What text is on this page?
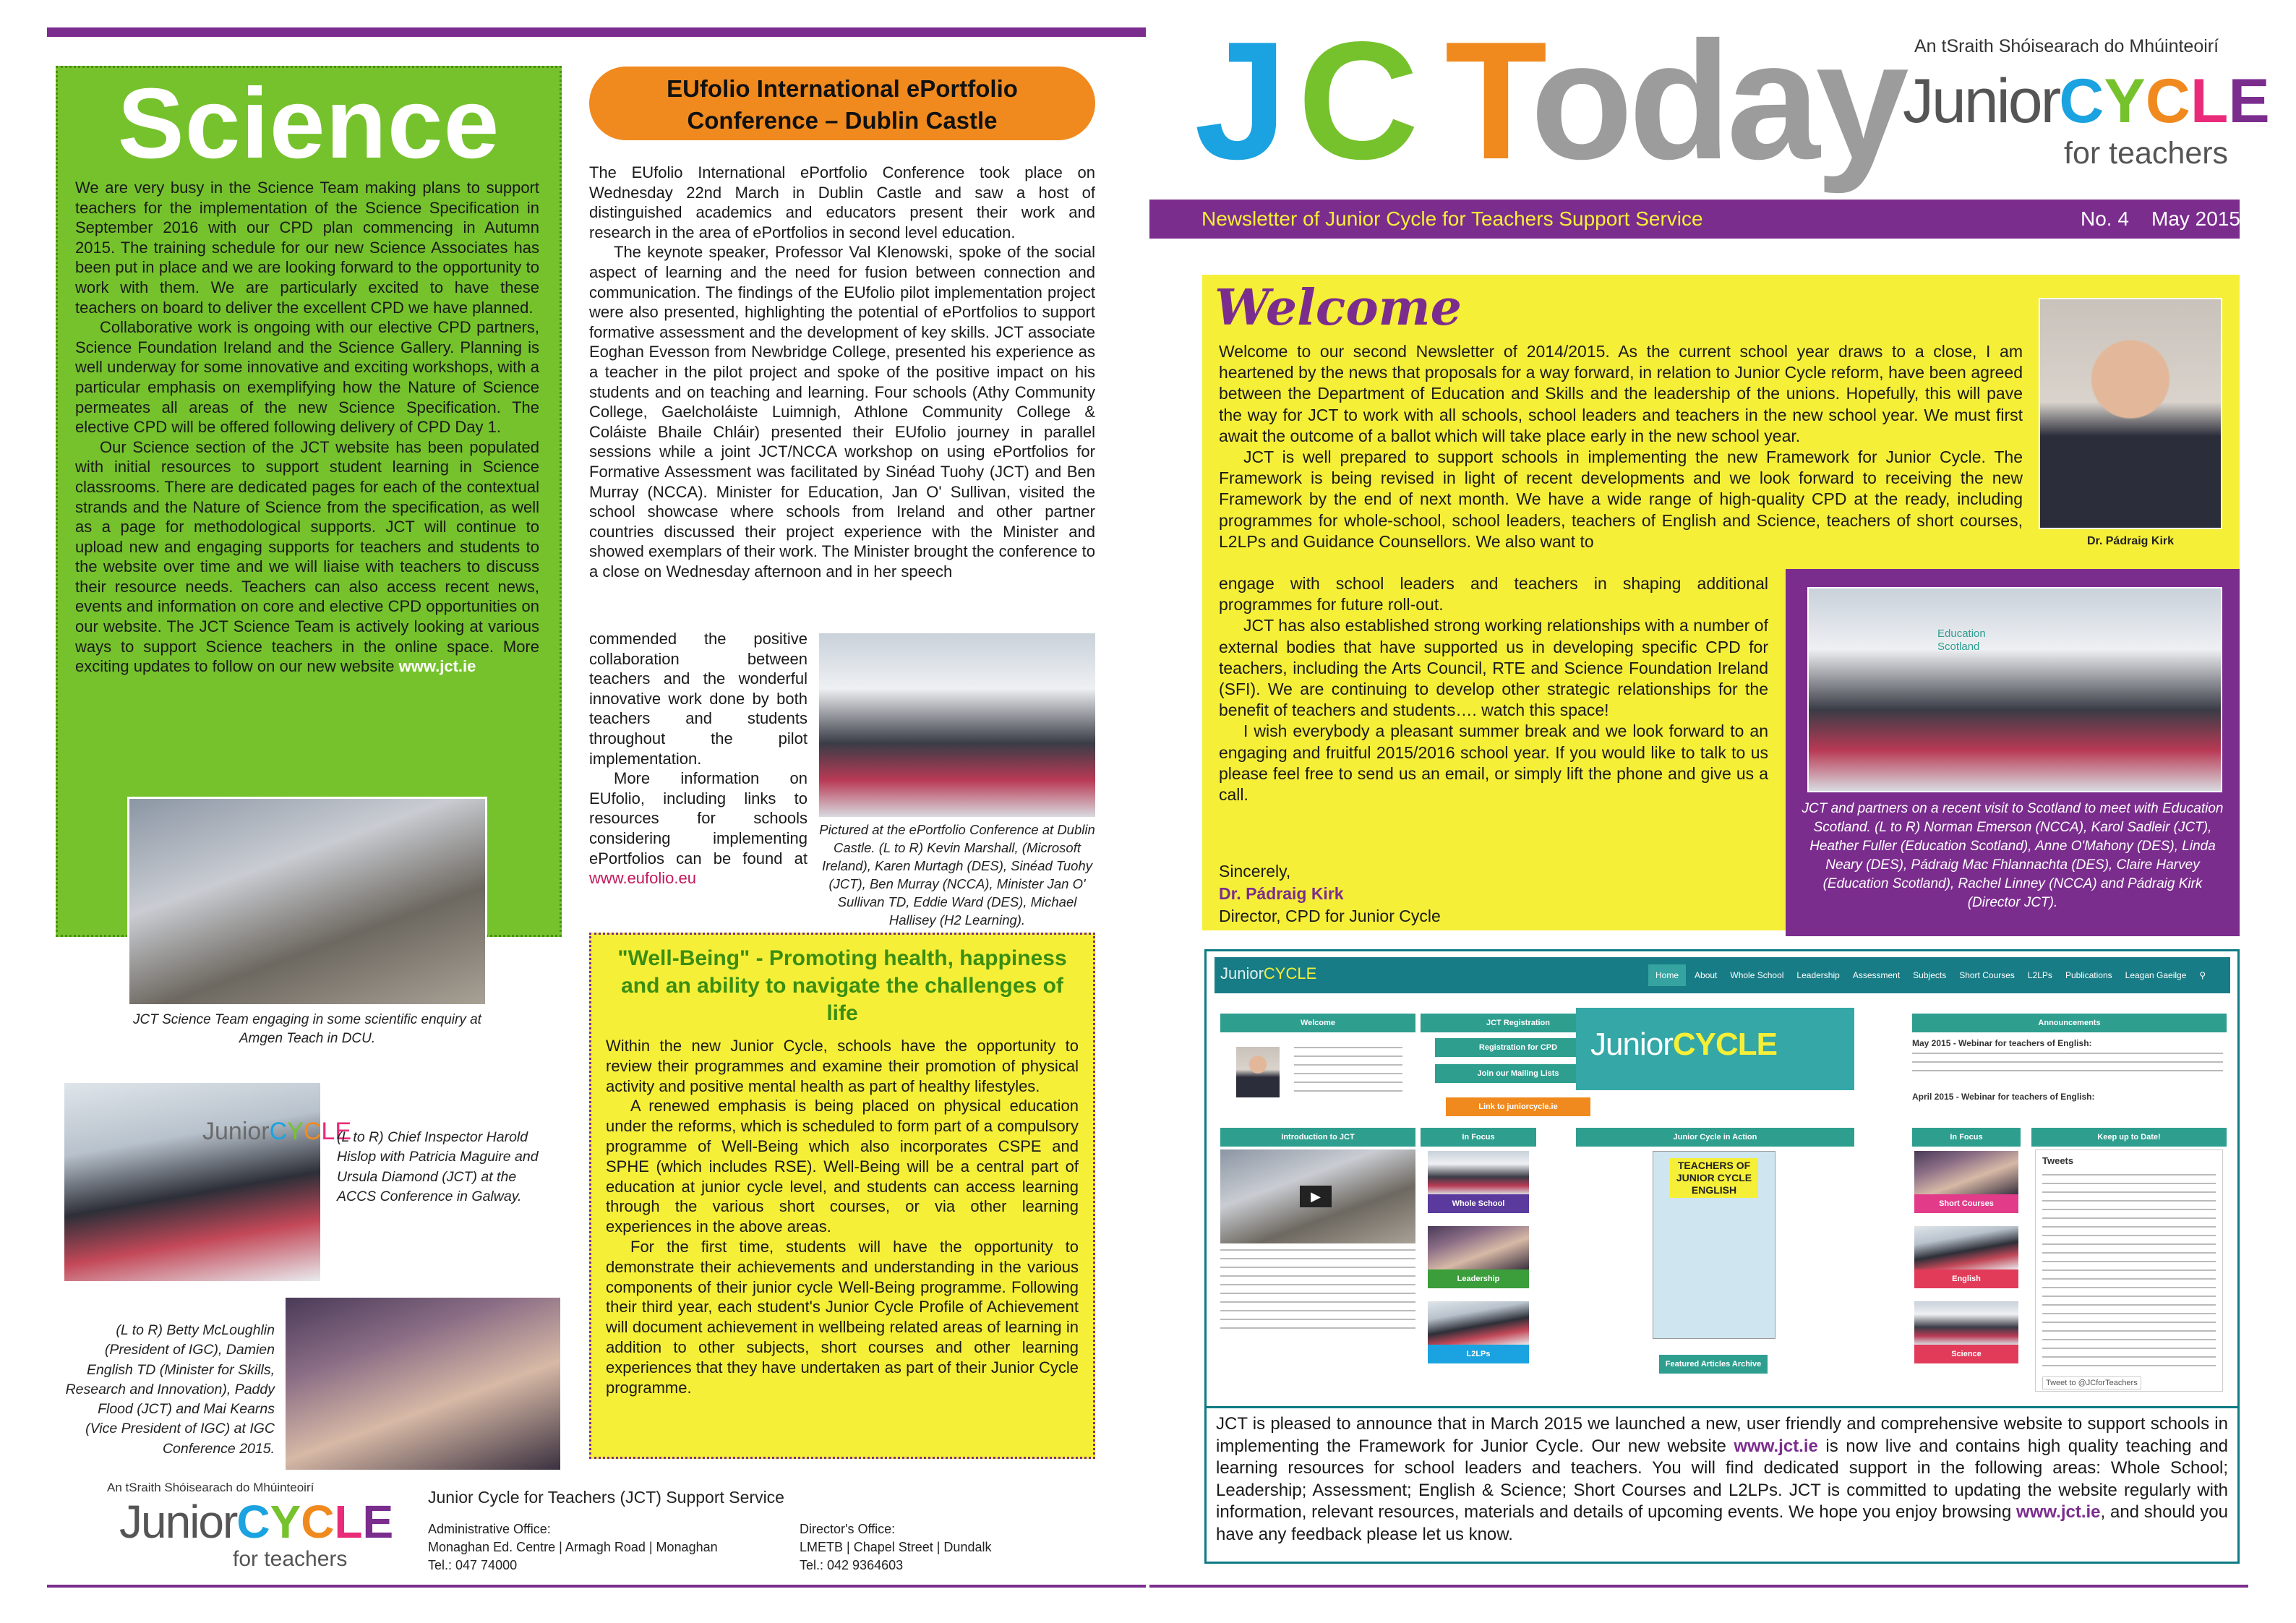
Science

We are very busy in the Science Team making plans to support teachers for the implementation of the Science Specification in September 2016 with our CPD plan commencing in Autumn 2015. The training schedule for our new Science Associates has been put in place and we are looking forward to the opportunity to work with them. We are particularly excited to have these teachers on board to deliver the excellent CPD we have planned.

Collaborative work is ongoing with our elective CPD partners, Science Foundation Ireland and the Science Gallery. Planning is well underway for some innovative and exciting workshops, with a particular emphasis on exemplifying how the Nature of Science permeates all areas of the new Science Specification. The elective CPD will be offered following delivery of CPD Day 1.

Our Science section of the JCT website has been populated with initial resources to support student learning in Science classrooms. There are dedicated pages for each of the contextual strands and the Nature of Science from the specification, as well as a page for methodological supports. JCT will continue to upload new and engaging supports for teachers and students to the website over time and we will liaise with teachers to discuss their resource needs. Teachers can also access recent news, events and information on core and elective CPD opportunities on our website. The JCT Science Team is actively looking at various ways to support Science teachers in the online space. More exciting updates to follow on our new website www.jct.ie

JCT Science Team engaging in some scientific enquiry at Amgen Teach in DCU.
JuniorCYCLE
(L to R) Chief Inspector Harold Hislop with Patricia Maguire and Ursula Diamond (JCT) at the ACCS Conference in Galway.
(L to R) Betty McLoughlin (President of IGC), Damien English TD (Minister for Skills, Research and Innovation), Paddy Flood (JCT) and Mai Kearns (Vice President of IGC) at IGC Conference 2015.
An tSraith Shóisearach do Mhúinteoirí
JuniorCYCLE
for teachers
Junior Cycle for Teachers (JCT) Support Service
Administrative Office:
Monaghan Ed. Centre | Armagh Road | Monaghan
Tel.: 047 74000
Director's Office:
LMETB | Chapel Street | Dundalk
Tel.: 042 9364603
EUfolio International ePortfolio Conference – Dublin Castle

The EUfolio International ePortfolio Conference took place on Wednesday 22nd March in Dublin Castle and saw a host of distinguished academics and educators present their work and research in the area of ePortfolios in second level education.

The keynote speaker, Professor Val Klenowski, spoke of the social aspect of learning and the need for fusion between connection and communication. The findings of the EUfolio pilot implementation project were also presented, highlighting the potential of ePortfolios to support formative assessment and the development of key skills. JCT associate Eoghan Evesson from Newbridge College, presented his experience as a teacher in the pilot project and spoke of the positive impact on his students and on teaching and learning. Four schools (Athy Community College, Gaelcholáiste Luimnigh, Athlone Community College & Coláiste Bhaile Chláir) presented their EUfolio journey in parallel sessions while a joint JCT/NCCA workshop on using ePortfolios for Formative Assessment was facilitated by Sinéad Tuohy (JCT) and Ben Murray (NCCA). Minister for Education, Jan O' Sullivan, visited the school showcase where schools from Ireland and other partner countries discussed their project experience with the Minister and showed exemplars of their work. The Minister brought the conference to a close on Wednesday afternoon and in her speech

commended the positive collaboration between teachers and the wonderful innovative work done by both teachers and students throughout the pilot implementation.

More information on EUfolio, including links to resources for schools considering implementing ePortfolios can be found at www.eufolio.eu

Pictured at the ePortfolio Conference at Dublin Castle. (L to R) Kevin Marshall, (Microsoft Ireland), Karen Murtagh (DES), Sinéad Tuohy (JCT), Ben Murray (NCCA), Minister Jan O' Sullivan TD, Eddie Ward (DES), Michael Hallisey (H2 Learning).
"Well-Being" - Promoting health, happiness and an ability to navigate the challenges of life

Within the new Junior Cycle, schools have the opportunity to review their programmes and examine their promotion of physical activity and positive mental health as part of healthy lifestyles.

A renewed emphasis is being placed on physical education under the reforms, which is scheduled to form part of a compulsory programme of Well-Being which also incorporates CSPE and SPHE (which includes RSE). Well-Being will be a central part of education at junior cycle level, and students can access learning through the various short courses, or via other learning experiences in the above areas.

For the first time, students will have the opportunity to demonstrate their achievements and understanding in the various components of their junior cycle Well-Being programme. Following their third year, each student's Junior Cycle Profile of Achievement will document achievement in wellbeing related areas of learning in addition to other subjects, short courses and other learning experiences that they have undertaken as part of their Junior Cycle programme.

JC Today An tSraith Shóisearach do Mhúinteoirí
JuniorCYCLE
for teachers
Newsletter of Junior Cycle for Teachers Support Service	No. 4 May 2015
Welcome
Dr. Pádraig Kirk

Welcome to our second Newsletter of 2014/2015. As the current school year draws to a close, I am heartened by the news that proposals for a way forward, in relation to Junior Cycle reform, have been agreed between the Department of Education and Skills and the leadership of the unions. Hopefully, this will pave the way for JCT to work with all schools, school leaders and teachers in the new school year. We must first await the outcome of a ballot which will take place early in the new school year.

JCT is well prepared to support schools in implementing the new Framework for Junior Cycle. The Framework is being revised in light of recent developments and we look forward to receiving the new Framework by the end of next month. We have a wide range of high-quality CPD at the ready, including programmes for whole-school, school leaders, teachers of English and Science, teachers of short courses, L2LPs and Guidance Counsellors. We also want to

engage with school leaders and teachers in shaping additional programmes for future roll-out.

JCT has also established strong working relationships with a number of external bodies that have supported us in developing specific CPD for teachers, including the Arts Council, RTE and Science Foundation Ireland (SFI). We are continuing to develop other strategic relationships for the benefit of teachers and students…. watch this space!

I wish everybody a pleasant summer break and we look forward to an engaging and fruitful 2015/2016 school year. If you would like to talk to us please feel free to send us an email, or simply lift the phone and give us a call.

Sincerely,
Dr. Pádraig Kirk
Director, CPD for Junior Cycle
Education Scotland
JCT and partners on a recent visit to Scotland to meet with Education Scotland. (L to R) Norman Emerson (NCCA), Karol Sadleir (JCT), Heather Fuller (Education Scotland), Anne O'Mahony (DES), Linda Neary (DES), Pádraig Mac Fhlannachta (DES), Claire Harvey (Education Scotland), Rachel Linney (NCCA) and Pádraig Kirk (Director JCT).
JuniorCYCLE	Home	About	Whole School	Leadership	Assessment	Subjects	Short Courses	L2LPs	Publications	Leagan Gaeilge	⚲
Welcome	JCT Registration
Registration for CPD
Join our Mailing Lists
Link to juniorcycle.ie
JuniorCYCLE
Announcements
May 2015 - Webinar for teachers of English:
April 2015 - Webinar for teachers of English:
Introduction to JCT
▶
In Focus
Whole School
Leadership
L2LPs
Junior Cycle in Action
TEACHERS OF JUNIOR CYCLE ENGLISH
Featured Articles Archive
In Focus
Short Courses
English
Science
Keep up to Date!
Tweets
Tweet to @JCforTeachers
JCT is pleased to announce that in March 2015 we launched a new, user friendly and comprehensive website to support schools in implementing the Framework for Junior Cycle. Our new website www.jct.ie is now live and contains high quality teaching and learning resources for school leaders and teachers. You will find dedicated support in the following areas: Whole School; Leadership; Assessment; English & Science; Short Courses and L2LPs. JCT is committed to updating the website regularly with information, relevant resources, materials and details of upcoming events. We hope you enjoy browsing www.jct.ie, and should you have any feedback please let us know.
